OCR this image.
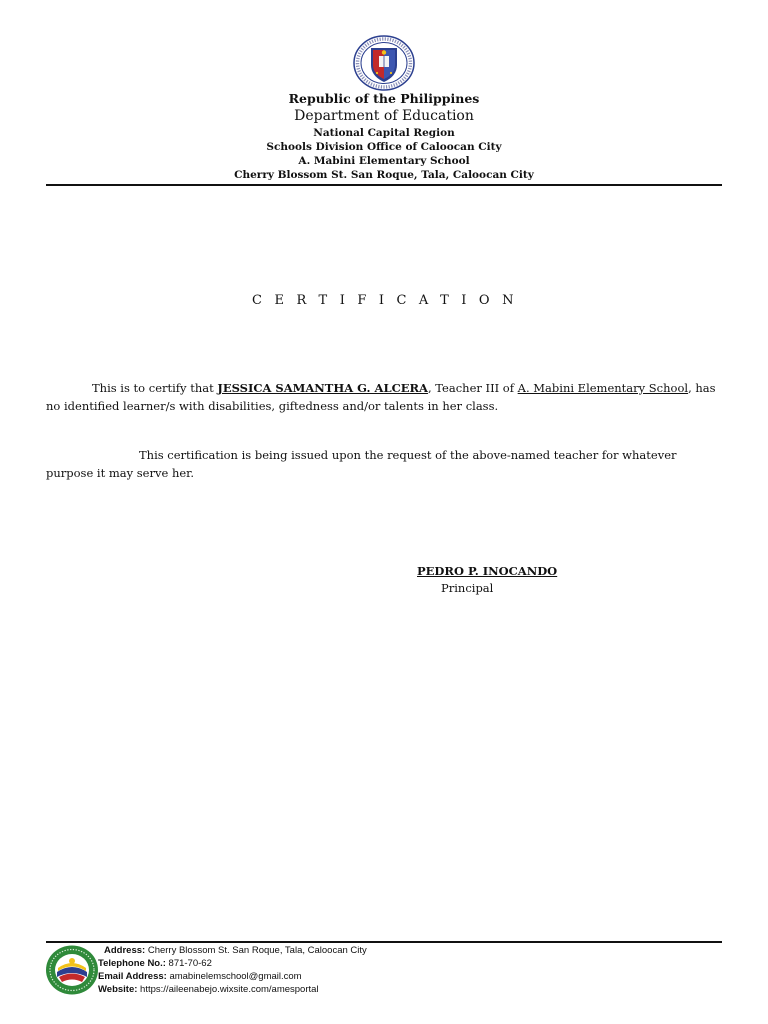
Republic of the Philippines
Department of Education
National Capital Region
Schools Division Office of Caloocan City
A. Mabini Elementary School
Cherry Blossom St. San Roque, Tala, Caloocan City
CERTIFICATION
This is to certify that JESSICA SAMANTHA G. ALCERA, Teacher III of A. Mabini Elementary School, has no identified learner/s with disabilities, giftedness and/or talents in her class.
This certification is being issued upon the request of the above-named teacher for whatever purpose it may serve her.
PEDRO P. INOCANDO
Principal
Address: Cherry Blossom St. San Roque, Tala, Caloocan City
Telephone No.: 871-70-62
Email Address: amabinelemschool@gmail.com
Website: https://aileenabejo.wixsite.com/amesportal
